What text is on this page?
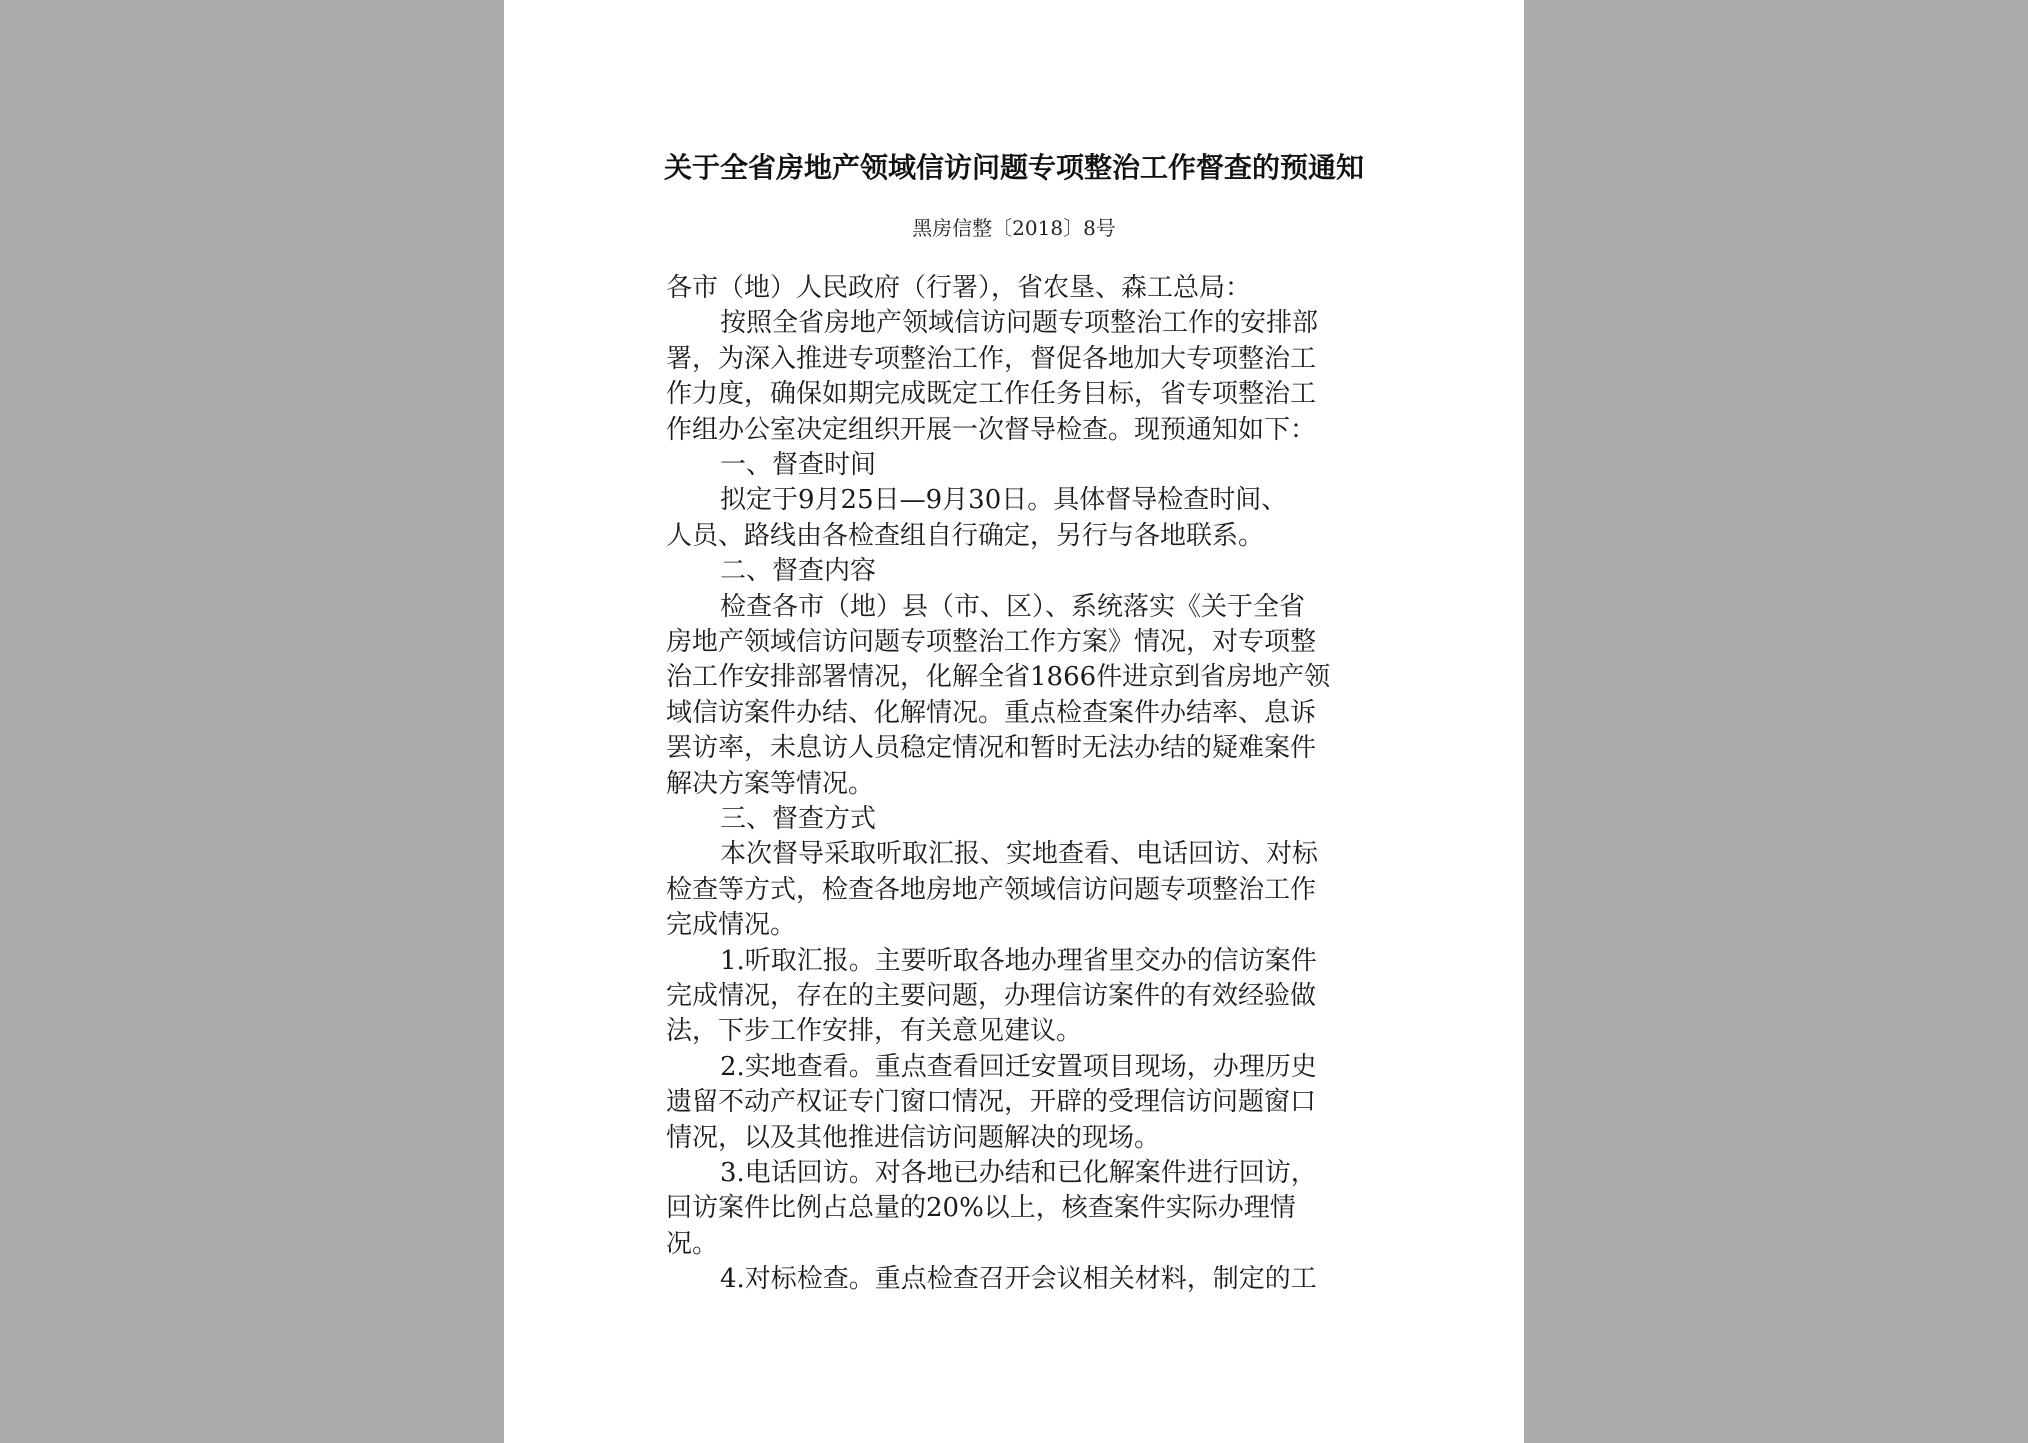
关于全省房地产领域信访问题专项整治工作督查的预通知
黑房信整〔2018〕8号
各市（地）人民政府（行署），省农垦、森工总局：
按照全省房地产领域信访问题专项整治工作的安排部
署，为深入推进专项整治工作，督促各地加大专项整治工
作力度，确保如期完成既定工作任务目标，省专项整治工
作组办公室决定组织开展一次督导检查。现预通知如下：
一、督查时间
拟定于9月25日—9月30日。具体督导检查时间、
人员、路线由各检查组自行确定，另行与各地联系。
二、督查内容
检查各市（地）县（市、区）、系统落实《关于全省
房地产领域信访问题专项整治工作方案》情况，对专项整
治工作安排部署情况，化解全省1866件进京到省房地产领
域信访案件办结、化解情况。重点检查案件办结率、息诉
罢访率，未息访人员稳定情况和暂时无法办结的疑难案件
解决方案等情况。
三、督查方式
本次督导采取听取汇报、实地查看、电话回访、对标
检查等方式，检查各地房地产领域信访问题专项整治工作
完成情况。
1.听取汇报。主要听取各地办理省里交办的信访案件
完成情况，存在的主要问题，办理信访案件的有效经验做
法，下步工作安排，有关意见建议。
2.实地查看。重点查看回迁安置项目现场，办理历史
遗留不动产权证专门窗口情况，开辟的受理信访问题窗口
情况，以及其他推进信访问题解决的现场。
3.电话回访。对各地已办结和已化解案件进行回访，
回访案件比例占总量的20%以上，核查案件实际办理情
况。
4.对标检查。重点检查召开会议相关材料，制定的工
